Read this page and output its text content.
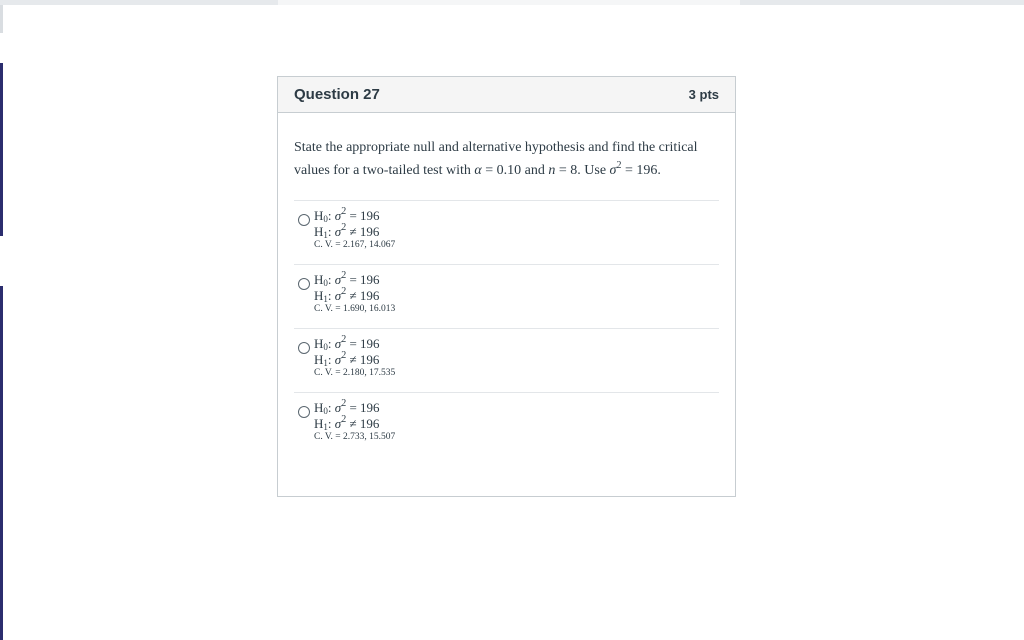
Question 27	3 pts

State the appropriate null and alternative hypothesis and find the critical values for a two-tailed test with α = 0.10 and n = 8. Use $\sigma^2 = 196$.

$H_0$: $\sigma^2 = 196$
$H_1$: $\sigma^2 \ne 196$
C. V. = 2.167, 14.067
$H_0$: $\sigma^2 = 196$
$H_1$: $\sigma^2 \ne 196$
C. V. = 1.690, 16.013
$H_0$: $\sigma^2 = 196$
$H_1$: $\sigma^2 \ne 196$
C. V. = 2.180, 17.535
$H_0$: $\sigma^2 = 196$
$H_1$: $\sigma^2 \ne 196$
C. V. = 2.733, 15.507
